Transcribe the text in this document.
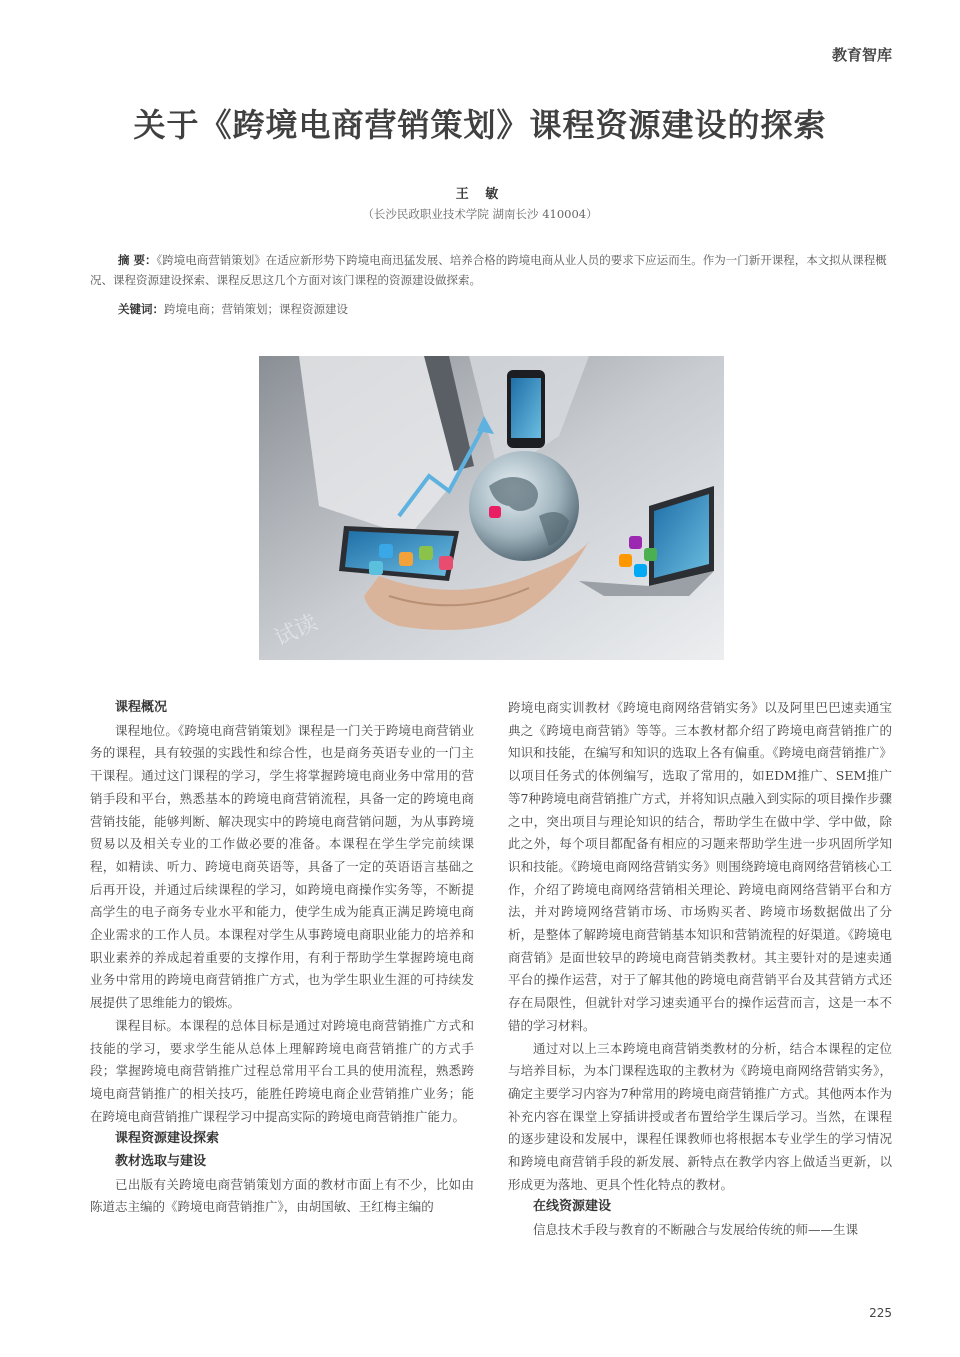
教育智库
关于《跨境电商营销策划》课程资源建设的探索
王 敏
（长沙民政职业技术学院 湖南长沙 410004）

摘 要：《跨境电商营销策划》在适应新形势下跨境电商迅猛发展、培养合格的跨境电商从业人员的要求下应运而生。作为一门新开课程，本文拟从课程概况、课程资源建设探索、课程反思这几个方面对该门课程的资源建设做探索。

关键词：跨境电商；营销策划；课程资源建设

试读
课程概况

课程地位。《跨境电商营销策划》课程是一门关于跨境电商营销业务的课程，具有较强的实践性和综合性，也是商务英语专业的一门主干课程。通过这门课程的学习，学生将掌握跨境电商业务中常用的营销手段和平台，熟悉基本的跨境电商营销流程，具备一定的跨境电商营销技能，能够判断、解决现实中的跨境电商营销问题，为从事跨境贸易以及相关专业的工作做必要的准备。本课程在学生学完前续课程，如精读、听力、跨境电商英语等，具备了一定的英语语言基础之后再开设，并通过后续课程的学习，如跨境电商操作实务等，不断提高学生的电子商务专业水平和能力，使学生成为能真正满足跨境电商企业需求的工作人员。本课程对学生从事跨境电商职业能力的培养和职业素养的养成起着重要的支撑作用，有利于帮助学生掌握跨境电商业务中常用的跨境电商营销推广方式，也为学生职业生涯的可持续发展提供了思维能力的锻炼。

课程目标。本课程的总体目标是通过对跨境电商营销推广方式和技能的学习，要求学生能从总体上理解跨境电商营销推广的方式手段；掌握跨境电商营销推广过程总常用平台工具的使用流程，熟悉跨境电商营销推广的相关技巧，能胜任跨境电商企业营销推广业务；能在跨境电商营销推广课程学习中提高实际的跨境电商营销推广能力。

课程资源建设探索
教材选取与建设

已出版有关跨境电商营销策划方面的教材市面上有不少，比如由陈道志主编的《跨境电商营销推广》，由胡国敏、王红梅主编的

跨境电商实训教材《跨境电商网络营销实务》以及阿里巴巴速卖通宝典之《跨境电商营销》等等。三本教材都介绍了跨境电商营销推广的知识和技能，在编写和知识的选取上各有偏重。《跨境电商营销推广》以项目任务式的体例编写，选取了常用的，如EDM推广、SEM推广等7种跨境电商营销推广方式，并将知识点融入到实际的项目操作步骤之中，突出项目与理论知识的结合，帮助学生在做中学、学中做，除此之外，每个项目都配备有相应的习题来帮助学生进一步巩固所学知识和技能。《跨境电商网络营销实务》则围绕跨境电商网络营销核心工作，介绍了跨境电商网络营销相关理论、跨境电商网络营销平台和方法，并对跨境网络营销市场、市场购买者、跨境市场数据做出了分析，是整体了解跨境电商营销基本知识和营销流程的好渠道。《跨境电商营销》是面世较早的跨境电商营销类教材。其主要针对的是速卖通平台的操作运营，对于了解其他的跨境电商营销平台及其营销方式还存在局限性，但就针对学习速卖通平台的操作运营而言，这是一本不错的学习材料。

通过对以上三本跨境电商营销类教材的分析，结合本课程的定位与培养目标，为本门课程选取的主教材为《跨境电商网络营销实务》，确定主要学习内容为7种常用的跨境电商营销推广方式。其他两本作为补充内容在课堂上穿插讲授或者布置给学生课后学习。当然，在课程的逐步建设和发展中，课程任课教师也将根据本专业学生的学习情况和跨境电商营销手段的新发展、新特点在教学内容上做适当更新，以形成更为落地、更具个性化特点的教材。

在线资源建设

信息技术手段与教育的不断融合与发展给传统的师——生课

225
